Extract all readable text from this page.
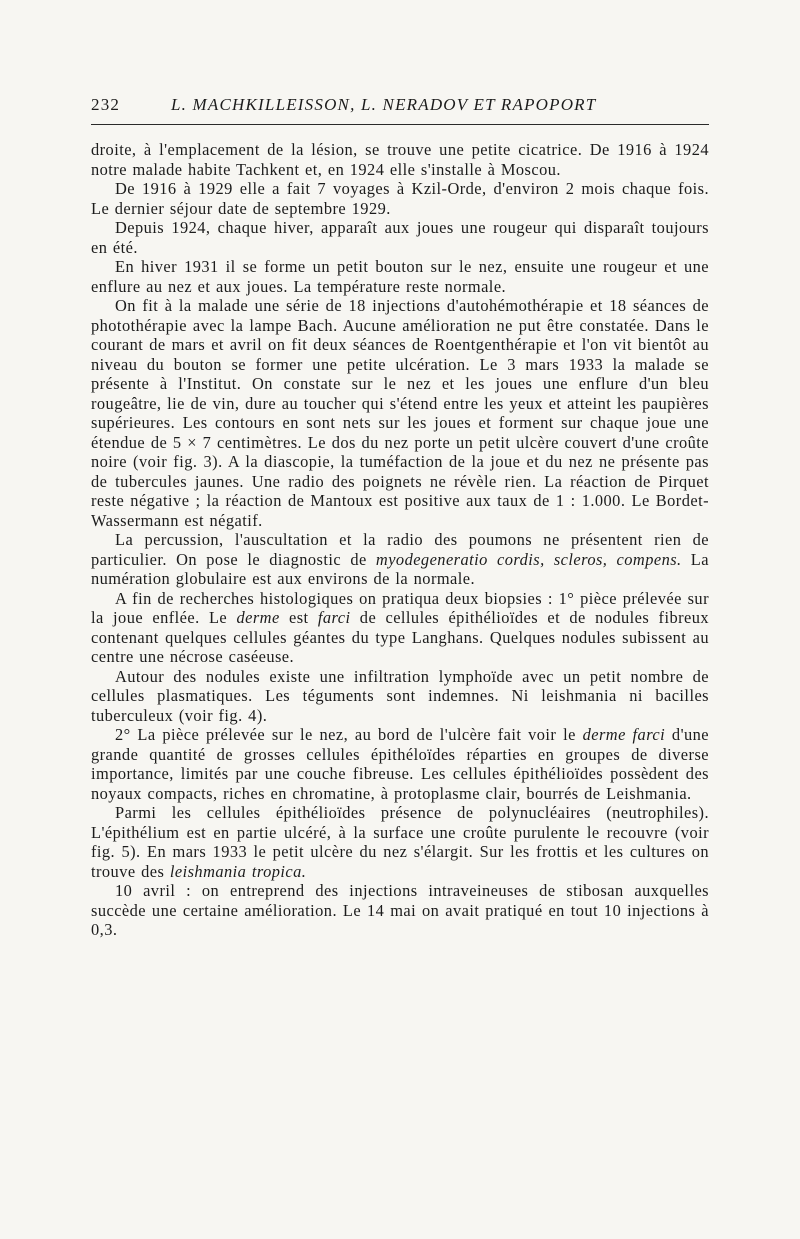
232	L. MACHKILLEISSON, L. NERADOV ET RAPOPORT

droite, à l'emplacement de la lésion, se trouve une petite cicatrice. De 1916 à 1924 notre malade habite Tachkent et, en 1924 elle s'installe à Moscou.

De 1916 à 1929 elle a fait 7 voyages à Kzil-Orde, d'environ 2 mois chaque fois. Le dernier séjour date de septembre 1929.

Depuis 1924, chaque hiver, apparaît aux joues une rougeur qui disparaît toujours en été.

En hiver 1931 il se forme un petit bouton sur le nez, ensuite une rougeur et une enflure au nez et aux joues. La température reste normale.

On fit à la malade une série de 18 injections d'autohémothérapie et 18 séances de photothérapie avec la lampe Bach. Aucune amélioration ne put être constatée. Dans le courant de mars et avril on fit deux séances de Roentgenthérapie et l'on vit bientôt au niveau du bouton se former une petite ulcération. Le 3 mars 1933 la malade se présente à l'Institut. On constate sur le nez et les joues une enflure d'un bleu rougeâtre, lie de vin, dure au toucher qui s'étend entre les yeux et atteint les paupières supérieures. Les contours en sont nets sur les joues et forment sur chaque joue une étendue de 5 × 7 centimètres. Le dos du nez porte un petit ulcère couvert d'une croûte noire (voir fig. 3). A la diascopie, la tuméfaction de la joue et du nez ne présente pas de tubercules jaunes. Une radio des poignets ne révèle rien. La réaction de Pirquet reste négative ; la réaction de Mantoux est positive aux taux de 1 : 1.000. Le Bordet-Wassermann est négatif.

La percussion, l'auscultation et la radio des poumons ne présentent rien de particulier. On pose le diagnostic de myodegeneratio cordis, scleros, compens. La numération globulaire est aux environs de la normale.

A fin de recherches histologiques on pratiqua deux biopsies : 1° pièce prélevée sur la joue enflée. Le derme est farci de cellules épithélioïdes et de nodules fibreux contenant quelques cellules géantes du type Langhans. Quelques nodules subissent au centre une nécrose caséeuse.

Autour des nodules existe une infiltration lymphoïde avec un petit nombre de cellules plasmatiques. Les téguments sont indemnes. Ni leishmania ni bacilles tuberculeux (voir fig. 4).

2° La pièce prélevée sur le nez, au bord de l'ulcère fait voir le derme farci d'une grande quantité de grosses cellules épithéloïdes réparties en groupes de diverse importance, limités par une couche fibreuse. Les cellules épithélioïdes possèdent des noyaux compacts, riches en chromatine, à protoplasme clair, bourrés de Leishmania.

Parmi les cellules épithélioïdes présence de polynucléaires (neutrophiles). L'épithélium est en partie ulcéré, à la surface une croûte purulente le recouvre (voir fig. 5). En mars 1933 le petit ulcère du nez s'élargit. Sur les frottis et les cultures on trouve des leishmania tropica.

10 avril : on entreprend des injections intraveineuses de stibosan auxquelles succède une certaine amélioration. Le 14 mai on avait pratiqué en tout 10 injections à 0,3.
